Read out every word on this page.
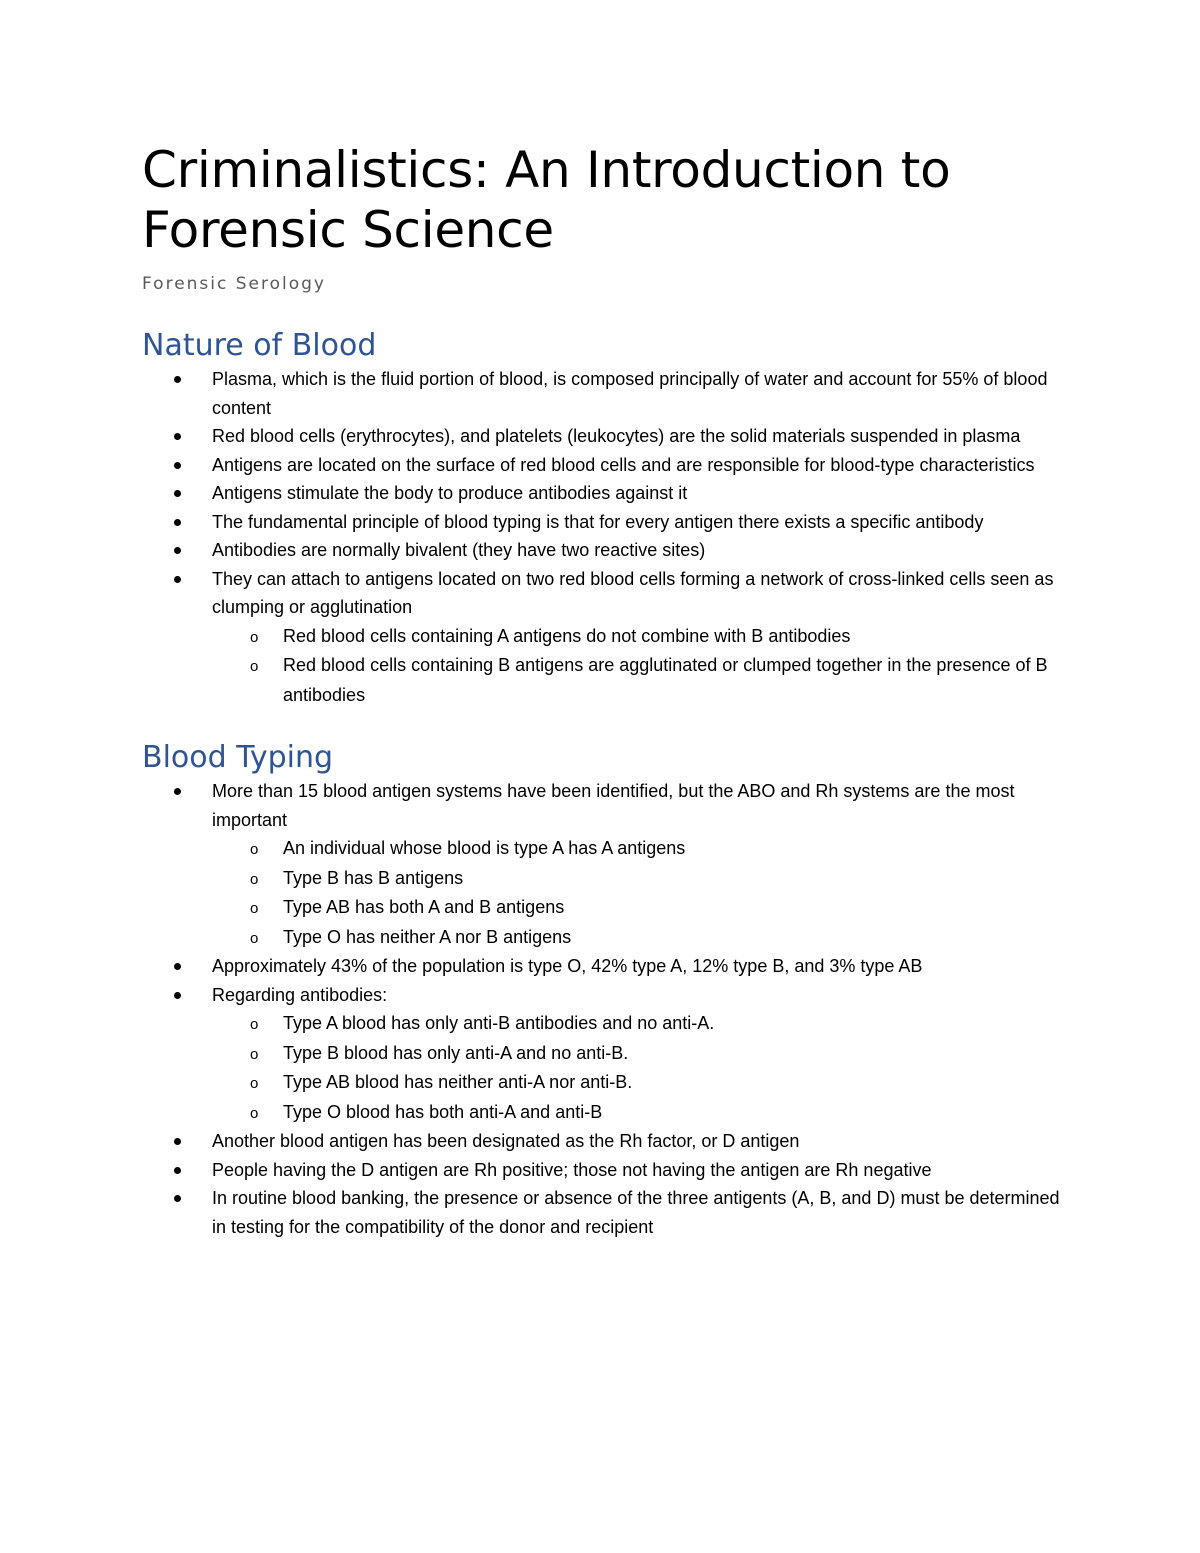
Criminalistics: An Introduction to Forensic Science
Forensic Serology
Nature of Blood
Plasma, which is the fluid portion of blood, is composed principally of water and account for 55% of blood content
Red blood cells (erythrocytes), and platelets (leukocytes) are the solid materials suspended in plasma
Antigens are located on the surface of red blood cells and are responsible for blood-type characteristics
Antigens stimulate the body to produce antibodies against it
The fundamental principle of blood typing is that for every antigen there exists a specific antibody
Antibodies are normally bivalent (they have two reactive sites)
They can attach to antigens located on two red blood cells forming a network of cross-linked cells seen as clumping or agglutination
o Red blood cells containing A antigens do not combine with B antibodies
o Red blood cells containing B antigens are agglutinated or clumped together in the presence of B antibodies
Blood Typing
More than 15 blood antigen systems have been identified, but the ABO and Rh systems are the most important
o An individual whose blood is type A has A antigens
o Type B has B antigens
o Type AB has both A and B antigens
o Type O has neither A nor B antigens
Approximately 43% of the population is type O, 42% type A, 12% type B, and 3% type AB
Regarding antibodies:
o Type A blood has only anti-B antibodies and no anti-A.
o Type B blood has only anti-A and no anti-B.
o Type AB blood has neither anti-A nor anti-B.
o Type O blood has both anti-A and anti-B
Another blood antigen has been designated as the Rh factor, or D antigen
People having the D antigen are Rh positive; those not having the antigen are Rh negative
In routine blood banking, the presence or absence of the three antigents (A, B, and D) must be determined in testing for the compatibility of the donor and recipient
